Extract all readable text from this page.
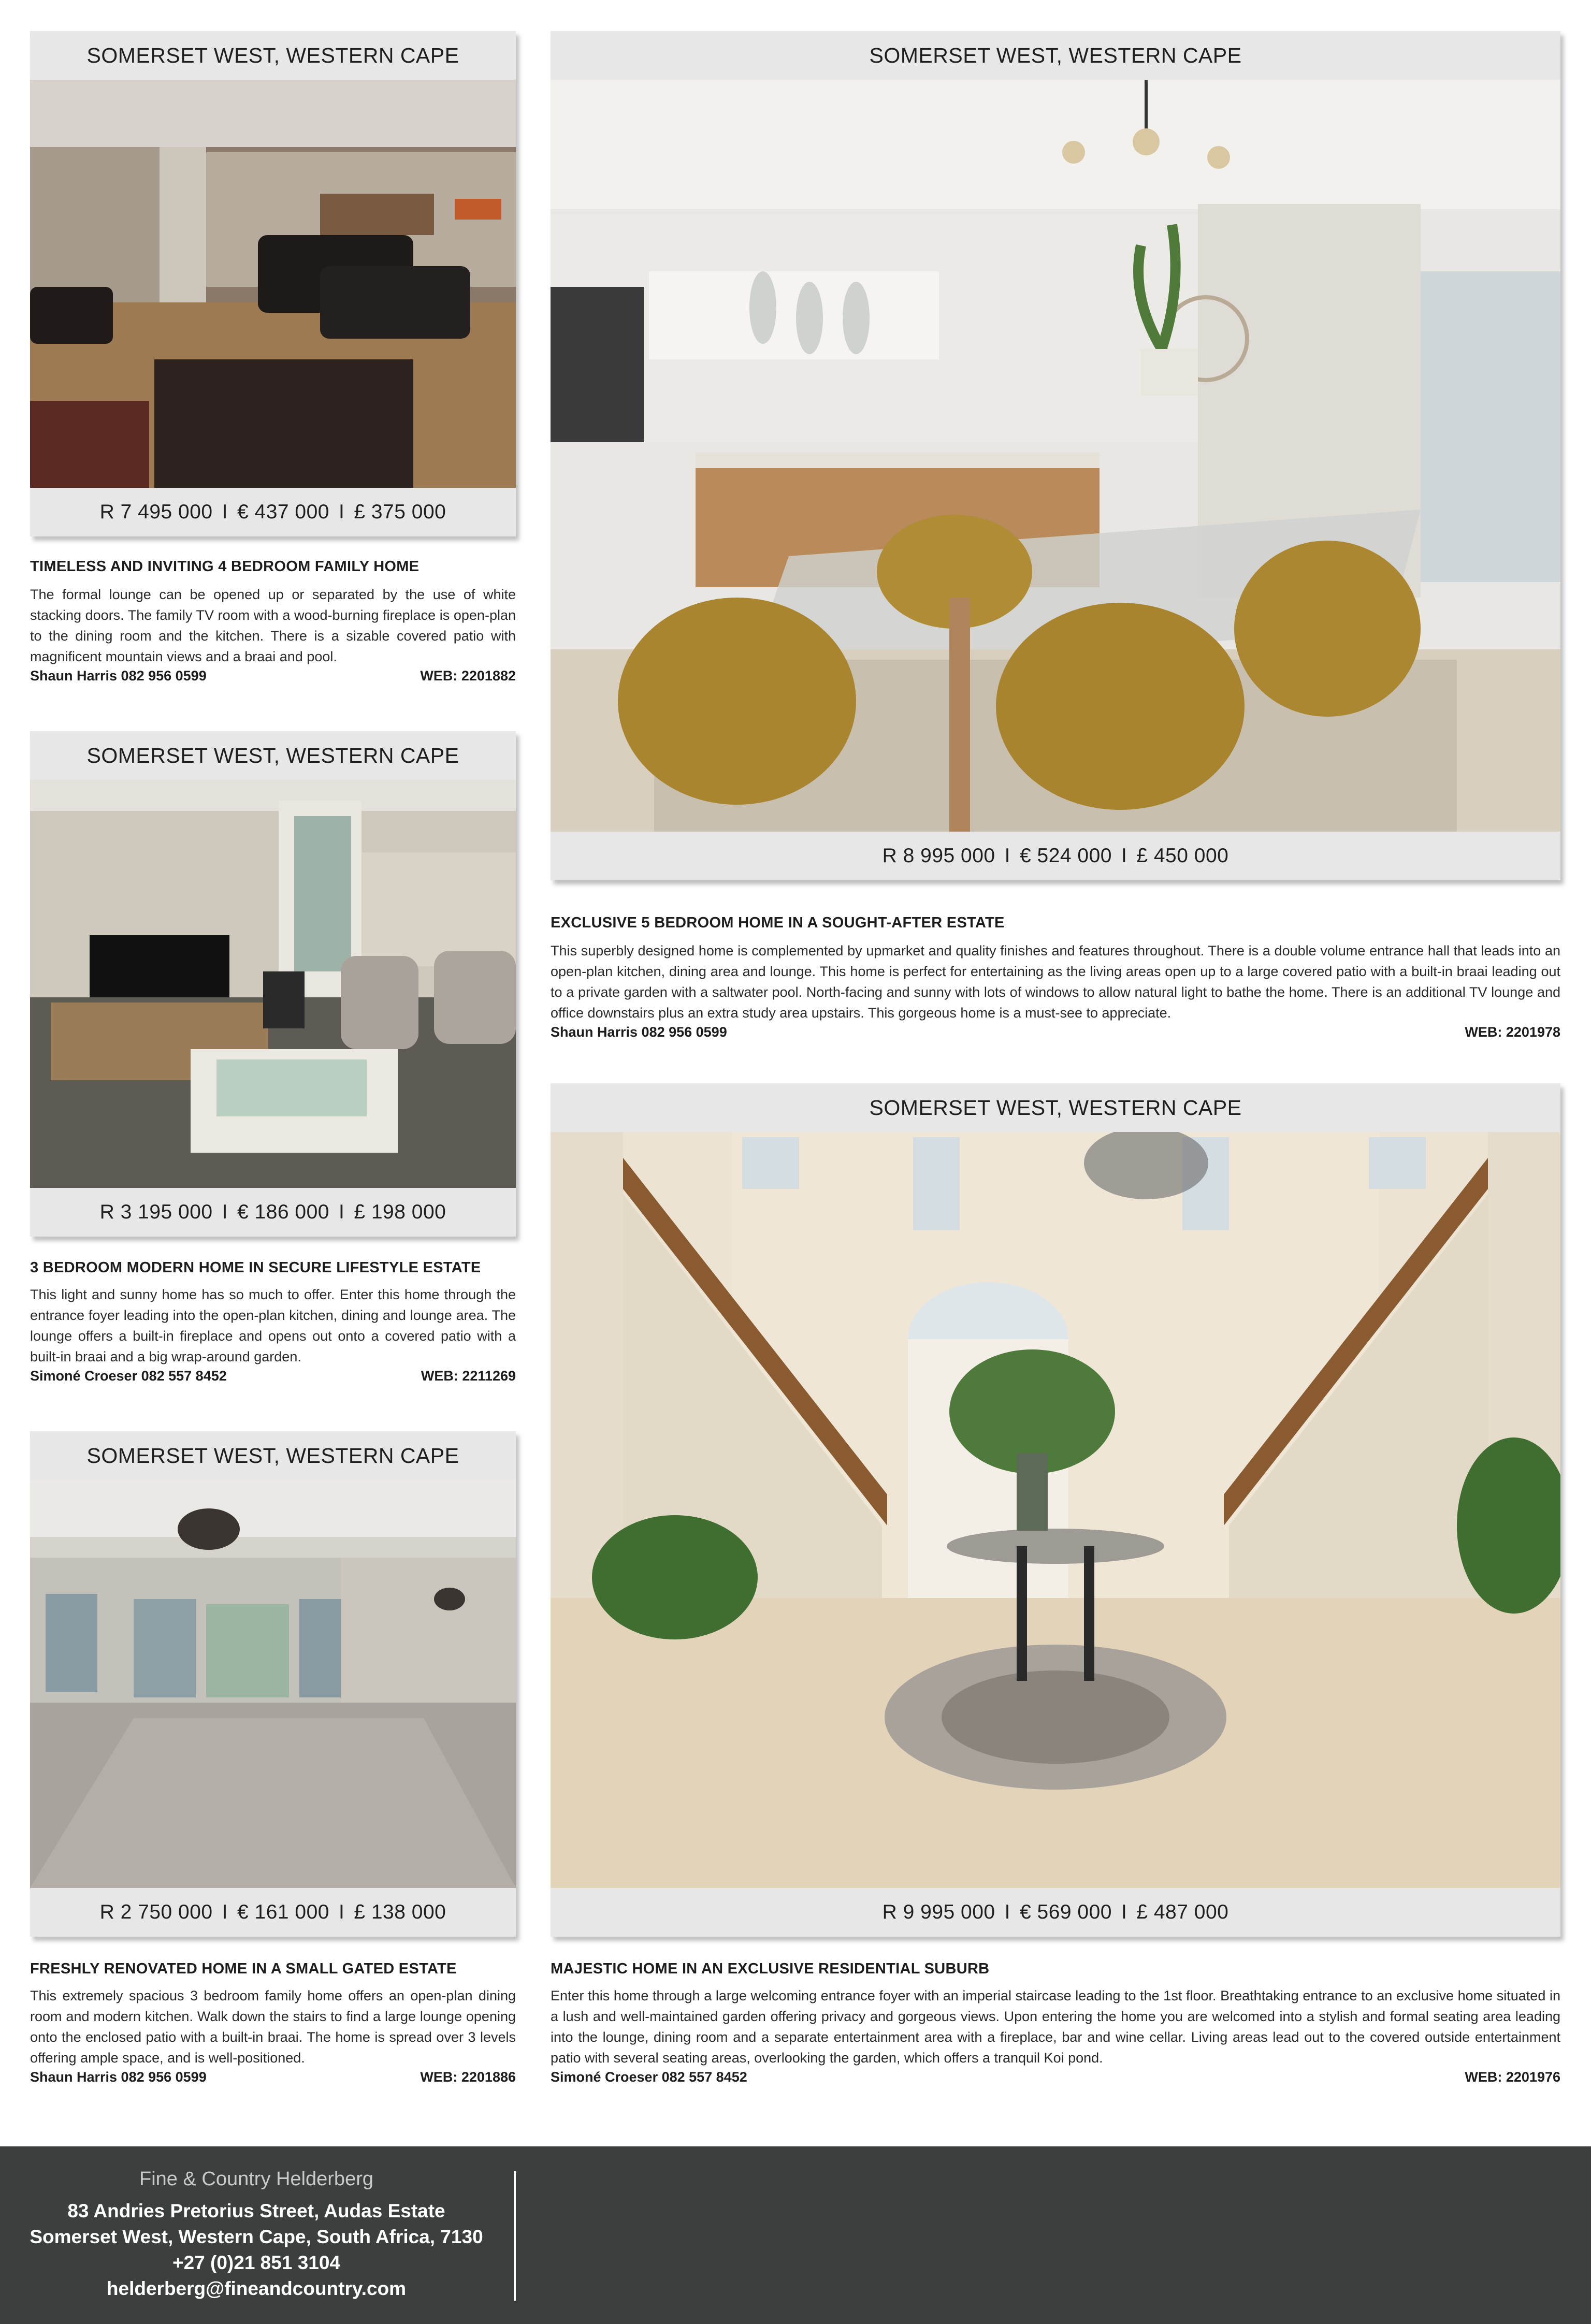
SOMERSET WEST, WESTERN CAPE
R 7 495 000 I € 437 000 I £ 375 000
TIMELESS AND INVITING 4 BEDROOM FAMILY HOME
The formal lounge can be opened up or separated by the use of white stacking doors. The family TV room with a wood-burning fireplace is open-plan to the dining room and the kitchen. There is a sizable covered patio with magnificent mountain views and a braai and pool.
Shaun Harris 082 956 0599	WEB: 2201882
SOMERSET WEST, WESTERN CAPE
R 3 195 000 I € 186 000 I £ 198 000
3 BEDROOM MODERN HOME IN SECURE LIFESTYLE ESTATE
This light and sunny home has so much to offer. Enter this home through the entrance foyer leading into the open-plan kitchen, dining and lounge area. The lounge offers a built-in fireplace and opens out onto a covered patio with a built-in braai and a big wrap-around garden.
Simoné Croeser 082 557 8452	WEB: 2211269
SOMERSET WEST, WESTERN CAPE
R 2 750 000 I € 161 000 I £ 138 000
FRESHLY RENOVATED HOME IN A SMALL GATED ESTATE
This extremely spacious 3 bedroom family home offers an open-plan dining room and modern kitchen. Walk down the stairs to find a large lounge opening onto the enclosed patio with a built-in braai. The home is spread over 3 levels offering ample space, and is well-positioned.
Shaun Harris 082 956 0599	WEB: 2201886
SOMERSET WEST, WESTERN CAPE
R 8 995 000 I € 524 000 I £ 450 000
EXCLUSIVE 5 BEDROOM HOME IN A SOUGHT-AFTER ESTATE
This superbly designed home is complemented by upmarket and quality finishes and features throughout. There is a double volume entrance hall that leads into an open-plan kitchen, dining area and lounge. This home is perfect for entertaining as the living areas open up to a large covered patio with a built-in braai leading out to a private garden with a saltwater pool. North-facing and sunny with lots of windows to allow natural light to bathe the home. There is an additional TV lounge and office downstairs plus an extra study area upstairs. This gorgeous home is a must-see to appreciate.
Shaun Harris 082 956 0599	WEB: 2201978
SOMERSET WEST, WESTERN CAPE
R 9 995 000 I € 569 000 I £ 487 000
MAJESTIC HOME IN AN EXCLUSIVE RESIDENTIAL SUBURB
Enter this home through a large welcoming entrance foyer with an imperial staircase leading to the 1st floor. Breathtaking entrance to an exclusive home situated in a lush and well-maintained garden offering privacy and gorgeous views. Upon entering the home you are welcomed into a stylish and formal seating area leading into the lounge, dining room and a separate entertainment area with a fireplace, bar and wine cellar. Living areas lead out to the covered outside entertainment patio with several seating areas, overlooking the garden, which offers a tranquil Koi pond.
Simoné Croeser 082 557 8452	WEB: 2201976
Fine & Country Helderberg
83 Andries Pretorius Street, Audas Estate
Somerset West, Western Cape, South Africa, 7130
+27 (0)21 851 3104
helderberg@fineandcountry.com
